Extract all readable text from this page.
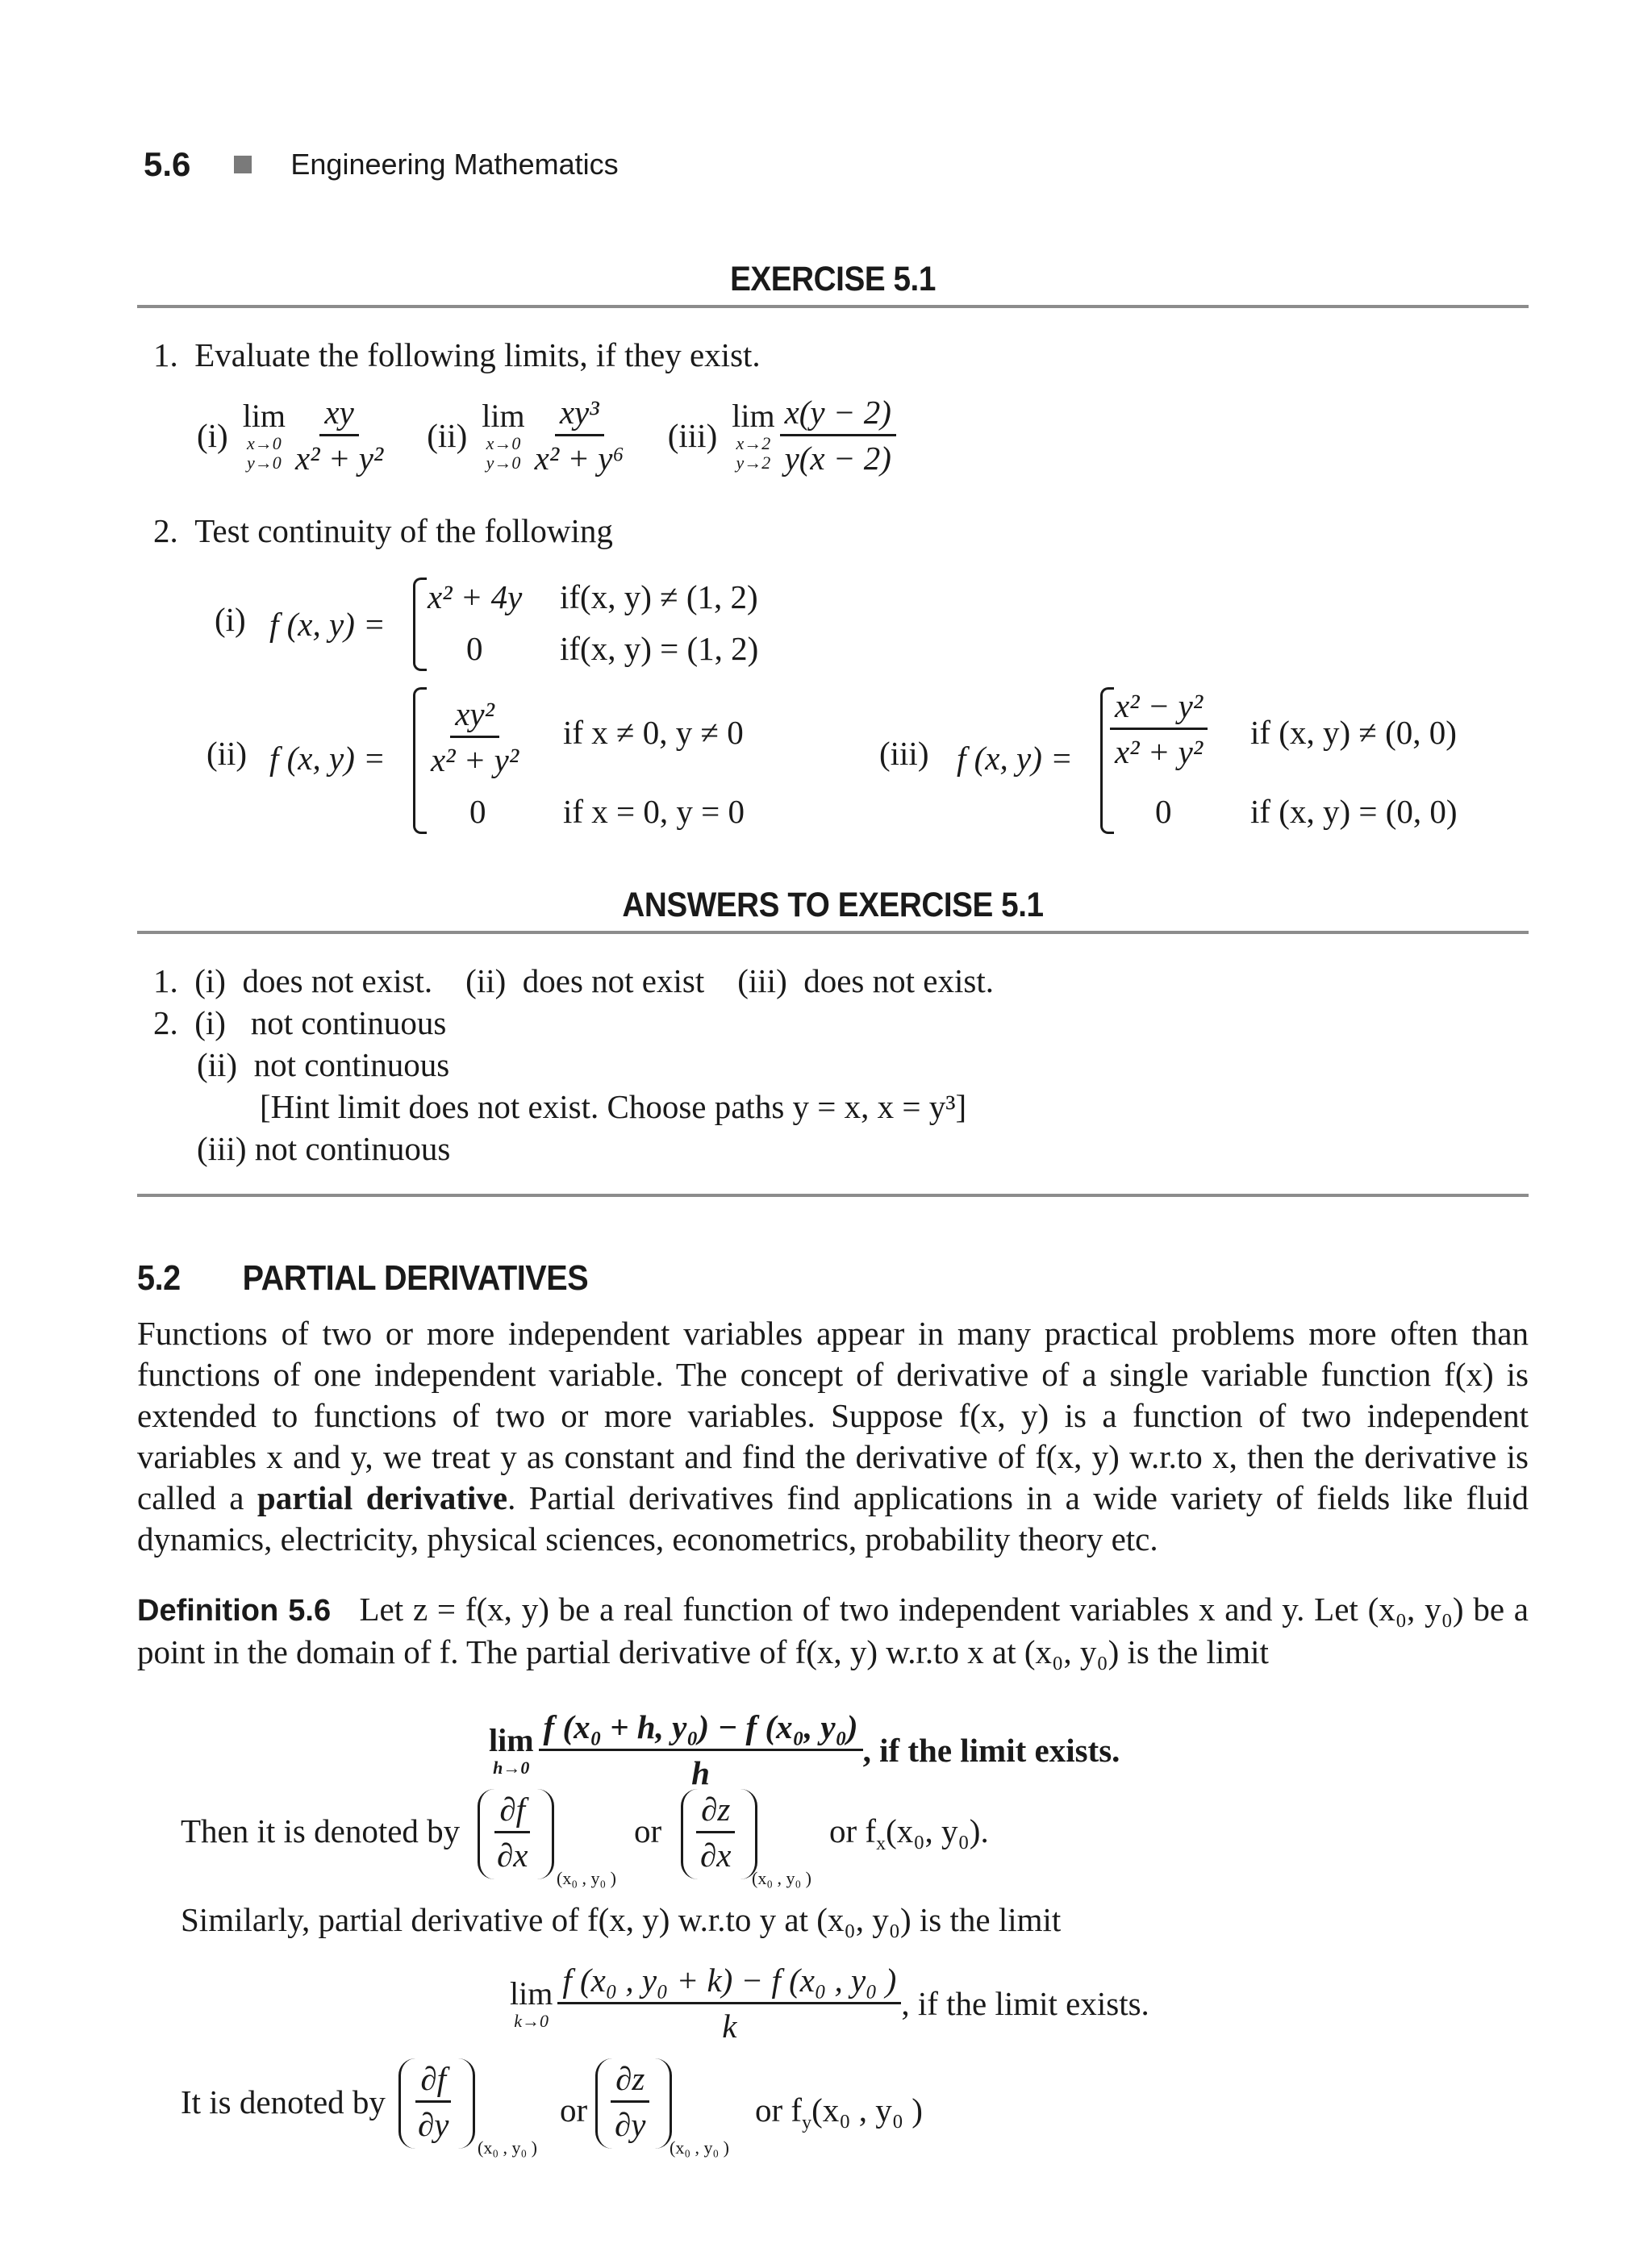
5.6	Engineering Mathematics
EXERCISE 5.1
1. Evaluate the following limits, if they exist.
(i)
lim
x→0
$y\to 0 \frac{xy}{\text{x² + y²}} (ii)$
lim
x→0
$y\to 0 \frac{\text{xy³}}{\text{x² + y⁶}} (iii)$
lim
x→2
$y\to 2 \frac{x(y - 2)}{y(x - 2)}$
2. Test continuity of the following
(i) f (x, y) =
x² + 4y if(x, y) ≠ (1, 2)
0 if(x, y) = (1, 2)
(ii) f (x, $y) = \frac{\text{xy²}}{\text{x² + y²}}$ if x ≠ 0, y ≠ 0
0 if x = 0, y = 0
(iii) f (x, $y) = \frac{\text{x² − y²}}{\text{x² + y²}}$ if (x, y) ≠ (0, 0)
0 if (x, y) = (0, 0)
ANSWERS TO EXERCISE 5.1
1.  (i)  does not exist.    (ii)  does not exist    (iii)  does not exist.
2.  (i)   not continuous
(ii)  not continuous
[Hint limit does not exist. Choose paths y = x, x = y³]
(iii) not continuous
5.2 PARTIAL DERIVATIVES
Functions of two or more independent variables appear in many practical problems more often than functions of one independent variable. The concept of derivative of a single variable function f(x) is extended to functions of two or more variables. Suppose f(x, y) is a function of two independent variables x and y, we treat y as constant and find the derivative of f(x, y) w.r.to x, then the derivative is called a partial derivative. Partial derivatives find applications in a wide variety of fields like fluid dynamics, electricity, physical sciences, econometrics, probability theory etc.
Definition 5.6 Let z = f(x, y) be a real function of two independent variables x and y. Let (x₀, y₀) be a point in the domain of f. The partial derivative of f(x, y) w.r.to x at (x₀, y₀) is the limit
lim
$h\to 0 \frac{\text{f (x₀ + h, y₀) − f (x₀, y₀)}}{h}$ , if the limit exists.
Then it is denoted by $\frac{\partial f}{\partial x}$
(x₀ , y₀ )
or $\frac{\partial z}{\partial x}$
(x₀ , y₀ )
or $f_x(x_0$, y₀).
Similarly, partial derivative of f(x, y) w.r.to y at (x₀, y₀) is the limit
lim
$k\to 0 \frac{\text{f (x₀ , y₀ + k) − f (x₀ , y₀ )}}{k}$ , if the limit exists.
It is denoted by $\frac{\partial f}{\partial y}$
(x₀ , y₀ )
or $\frac{\partial z}{\partial y}$
(x₀ , y₀ )
or $f_y(x_0$ , y₀ )
